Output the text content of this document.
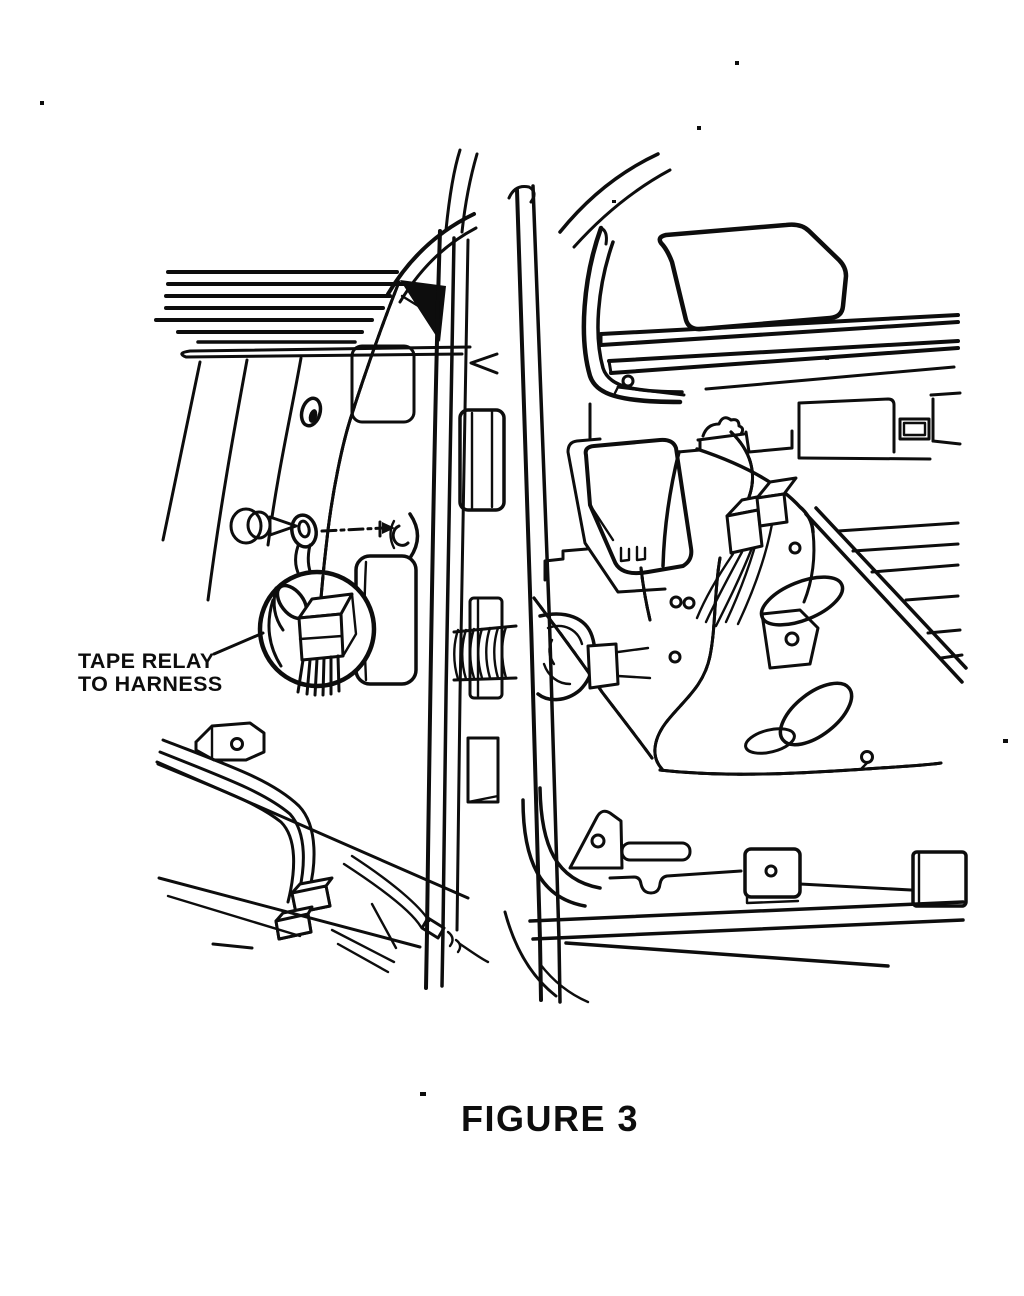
TAPE RELAY
TO HARNESS
FIGURE 3
